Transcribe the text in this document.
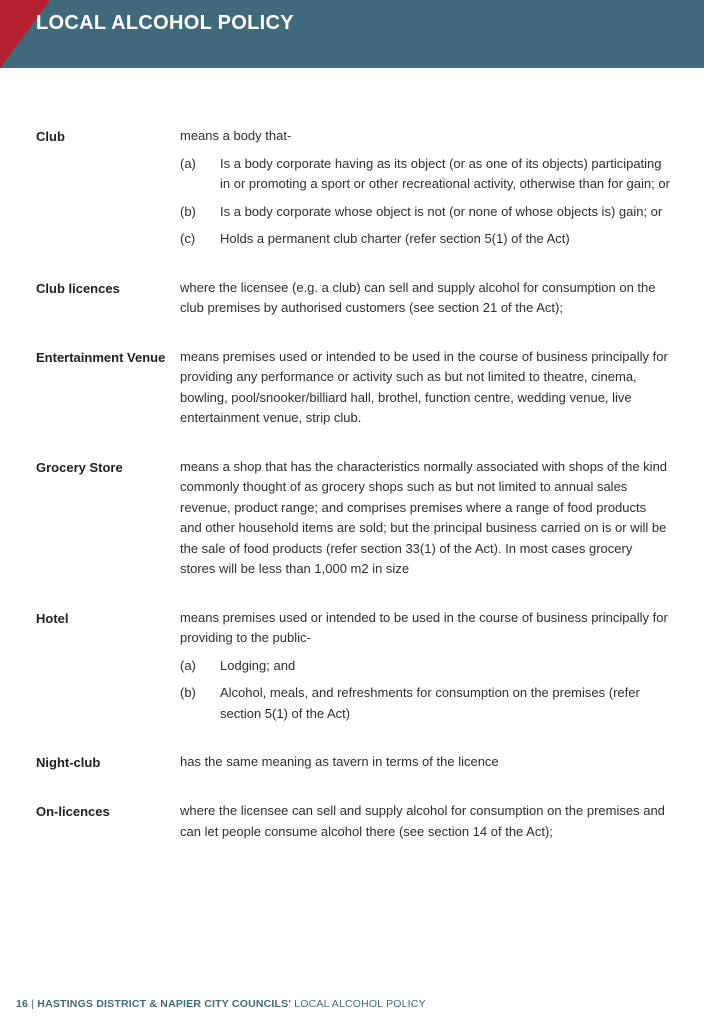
LOCAL ALCOHOL POLICY
Club	means a body that-
(a)	Is a body corporate having as its object (or as one of its objects) participating in or promoting a sport or other recreational activity, otherwise than for gain; or
(b)	Is a body corporate whose object is not (or none of whose objects is) gain; or
(c)	Holds a permanent club charter (refer section 5(1) of the Act)
Club licences	where the licensee (e.g. a club) can sell and supply alcohol for consumption on the club premises by authorised customers (see section 21 of the Act);
Entertainment Venue	means premises used or intended to be used in the course of business principally for providing any performance or activity such as but not limited to theatre, cinema, bowling, pool/snooker/billiard hall, brothel, function centre, wedding venue, live entertainment venue, strip club.
Grocery Store	means a shop that has the characteristics normally associated with shops of the kind commonly thought of as grocery shops such as but not limited to annual sales revenue, product range; and comprises premises where a range of food products and other household items are sold; but the principal business carried on is or will be the sale of food products (refer section 33(1) of the Act). In most cases grocery stores will be less than 1,000 m2 in size
Hotel	means premises used or intended to be used in the course of business principally for providing to the public-
(a)	Lodging; and
(b)	Alcohol, meals, and refreshments for consumption on the premises (refer section 5(1) of the Act)
Night-club	has the same meaning as tavern in terms of the licence
On-licences	where the licensee can sell and supply alcohol for consumption on the premises and can let people consume alcohol there (see section 14 of the Act);
16 | HASTINGS DISTRICT & NAPIER CITY COUNCILS' LOCAL ALCOHOL POLICY
